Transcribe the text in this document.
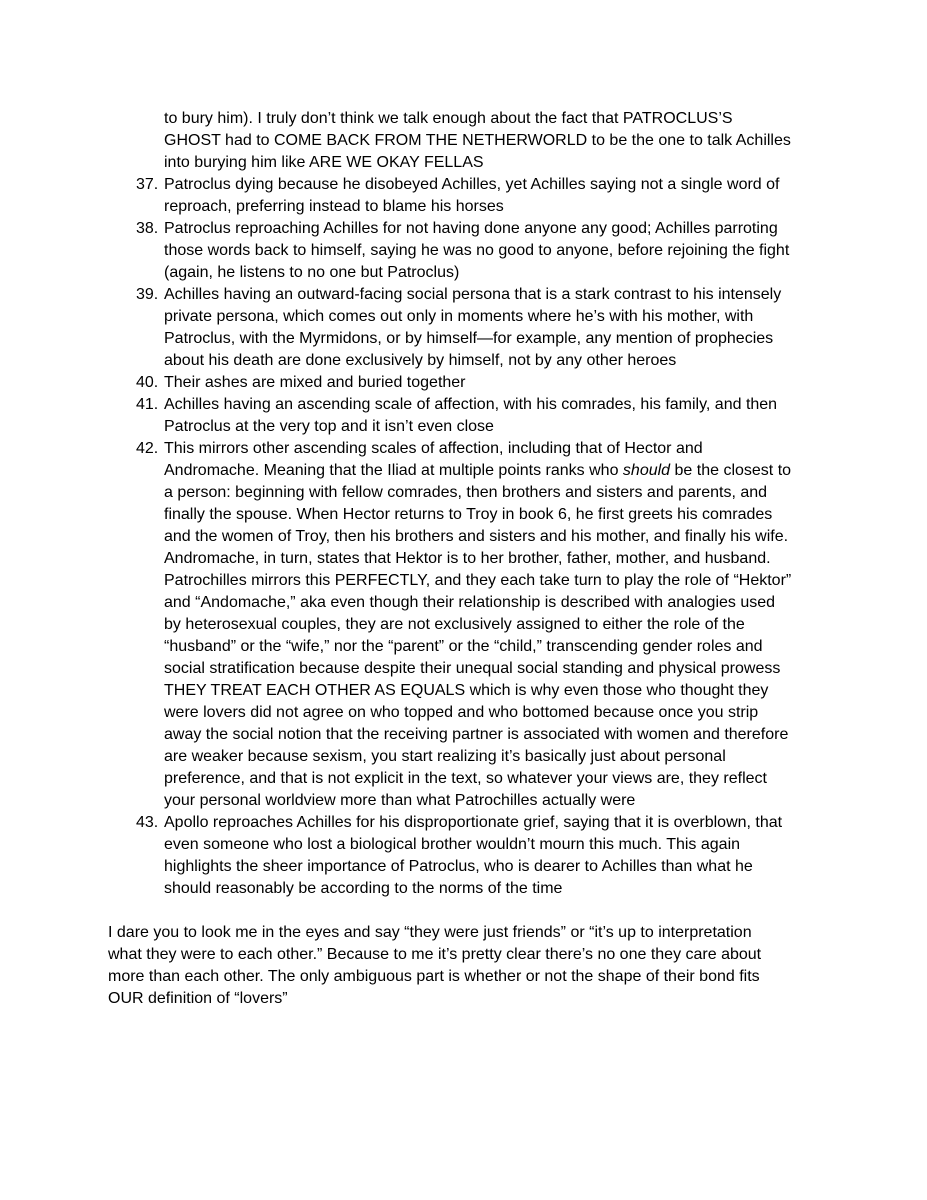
to bury him). I truly don’t think we talk enough about the fact that PATROCLUS’S
GHOST had to COME BACK FROM THE NETHERWORLD to be the one to talk Achilles
into burying him like ARE WE OKAY FELLAS
37. Patroclus dying because he disobeyed Achilles, yet Achilles saying not a single word of
reproach, preferring instead to blame his horses
38. Patroclus reproaching Achilles for not having done anyone any good; Achilles parroting
those words back to himself, saying he was no good to anyone, before rejoining the fight
(again, he listens to no one but Patroclus)
39. Achilles having an outward-facing social persona that is a stark contrast to his intensely
private persona, which comes out only in moments where he’s with his mother, with
Patroclus, with the Myrmidons, or by himself—for example, any mention of prophecies
about his death are done exclusively by himself, not by any other heroes
40. Their ashes are mixed and buried together
41. Achilles having an ascending scale of affection, with his comrades, his family, and then
Patroclus at the very top and it isn’t even close
42. This mirrors other ascending scales of affection, including that of Hector and
Andromache. Meaning that the Iliad at multiple points ranks who should be the closest to
a person: beginning with fellow comrades, then brothers and sisters and parents, and
finally the spouse. When Hector returns to Troy in book 6, he first greets his comrades
and the women of Troy, then his brothers and sisters and his mother, and finally his wife.
Andromache, in turn, states that Hektor is to her brother, father, mother, and husband.
Patrochilles mirrors this PERFECTLY, and they each take turn to play the role of “Hektor”
and “Andomache,” aka even though their relationship is described with analogies used
by heterosexual couples, they are not exclusively assigned to either the role of the
“husband” or the “wife,” nor the “parent” or the “child,” transcending gender roles and
social stratification because despite their unequal social standing and physical prowess
THEY TREAT EACH OTHER AS EQUALS which is why even those who thought they
were lovers did not agree on who topped and who bottomed because once you strip
away the social notion that the receiving partner is associated with women and therefore
are weaker because sexism, you start realizing it’s basically just about personal
preference, and that is not explicit in the text, so whatever your views are, they reflect
your personal worldview more than what Patrochilles actually were
43. Apollo reproaches Achilles for his disproportionate grief, saying that it is overblown, that
even someone who lost a biological brother wouldn’t mourn this much. This again
highlights the sheer importance of Patroclus, who is dearer to Achilles than what he
should reasonably be according to the norms of the time
I dare you to look me in the eyes and say “they were just friends” or “it’s up to interpretation
what they were to each other.” Because to me it’s pretty clear there’s no one they care about
more than each other. The only ambiguous part is whether or not the shape of their bond fits
OUR definition of “lovers”
